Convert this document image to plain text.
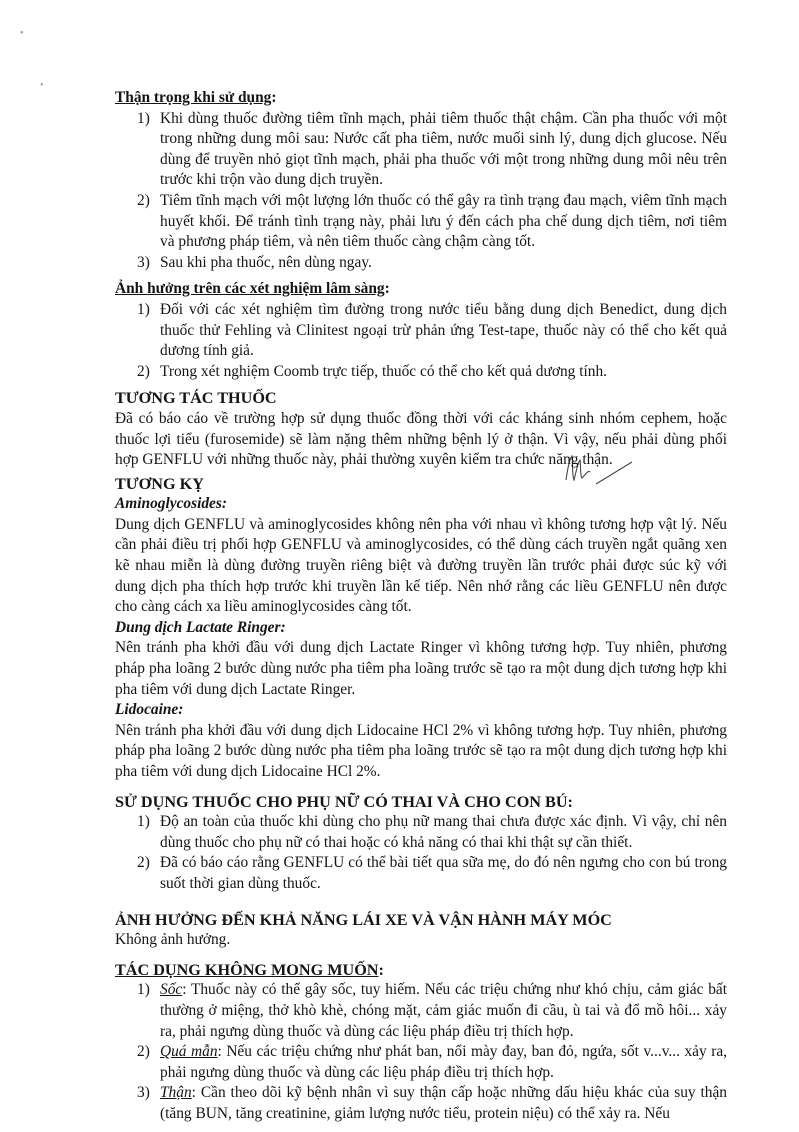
•
•

Thận trọng khi sử dụng:

1) Khi dùng thuốc đường tiêm tĩnh mạch, phải tiêm thuốc thật chậm. Cần pha thuốc với một trong những dung môi sau: Nước cất pha tiêm, nước muối sinh lý, dung dịch glucose. Nếu dùng để truyền nhỏ giọt tĩnh mạch, phải pha thuốc với một trong những dung môi nêu trên trước khi trộn vào dung dịch truyền.
2) Tiêm tĩnh mạch với một lượng lớn thuốc có thể gây ra tình trạng đau mạch, viêm tĩnh mạch huyết khối. Để tránh tình trạng này, phải lưu ý đến cách pha chế dung dịch tiêm, nơi tiêm và phương pháp tiêm, và nên tiêm thuốc càng chậm càng tốt.
3) Sau khi pha thuốc, nên dùng ngay.

Ảnh hưởng trên các xét nghiệm lâm sàng:

1) Đối với các xét nghiệm tìm đường trong nước tiểu bằng dung dịch Benedict, dung dịch thuốc thử Fehling và Clinitest ngoại trừ phản ứng Test-tape, thuốc này có thể cho kết quả dương tính giả.
2) Trong xét nghiệm Coomb trực tiếp, thuốc có thể cho kết quả dương tính.

TƯƠNG TÁC THUỐC

Đã có báo cáo về trường hợp sử dụng thuốc đồng thời với các kháng sinh nhóm cephem, hoặc thuốc lợi tiểu (furosemide) sẽ làm nặng thêm những bệnh lý ở thận. Vì vậy, nếu phải dùng phối hợp GENFLU với những thuốc này, phải thường xuyên kiểm tra chức năng thận.

TƯƠNG KỴ

Aminoglycosides:

Dung dịch GENFLU và aminoglycosides không nên pha với nhau vì không tương hợp vật lý. Nếu cần phải điều trị phối hợp GENFLU và aminoglycosides, có thể dùng cách truyền ngắt quãng xen kẽ nhau miễn là dùng đường truyền riêng biệt và đường truyền lần trước phải được súc kỹ với dung dịch pha thích hợp trước khi truyền lần kế tiếp. Nên nhớ rằng các liều GENFLU nên được cho càng cách xa liều aminoglycosides càng tốt.

Dung dịch Lactate Ringer:

Nên tránh pha khởi đầu với dung dịch Lactate Ringer vì không tương hợp. Tuy nhiên, phương pháp pha loãng 2 bước dùng nước pha tiêm pha loãng trước sẽ tạo ra một dung dịch tương hợp khi pha tiêm với dung dịch Lactate Ringer.

Lidocaine:

Nên tránh pha khởi đầu với dung dịch Lidocaine HCl 2% vì không tương hợp. Tuy nhiên, phương pháp pha loãng 2 bước dùng nước pha tiêm pha loãng trước sẽ tạo ra một dung dịch tương hợp khi pha tiêm với dung dịch Lidocaine HCl 2%.

SỬ DỤNG THUỐC CHO PHỤ NỮ CÓ THAI VÀ CHO CON BÚ:

1) Độ an toàn của thuốc khi dùng cho phụ nữ mang thai chưa được xác định. Vì vậy, chỉ nên dùng thuốc cho phụ nữ có thai hoặc có khả năng có thai khi thật sự cần thiết.
2) Đã có báo cáo rằng GENFLU có thể bài tiết qua sữa mẹ, do đó nên ngưng cho con bú trong suốt thời gian dùng thuốc.

ẢNH HƯỞNG ĐẾN KHẢ NĂNG LÁI XE VÀ VẬN HÀNH MÁY MÓC

Không ảnh hưởng.

TÁC DỤNG KHÔNG MONG MUỐN:

1) Sốc: Thuốc này có thể gây sốc, tuy hiếm. Nếu các triệu chứng như khó chịu, cảm giác bất thường ở miệng, thở khò khè, chóng mặt, cảm giác muốn đi cầu, ù tai và đổ mồ hôi... xảy ra, phải ngưng dùng thuốc và dùng các liệu pháp điều trị thích hợp.
2) Quá mẫn: Nếu các triệu chứng như phát ban, nổi mày đay, ban đỏ, ngứa, sốt v...v... xảy ra, phải ngưng dùng thuốc và dùng các liệu pháp điều trị thích hợp.
3) Thận: Cần theo dõi kỹ bệnh nhân vì suy thận cấp hoặc những dấu hiệu khác của suy thận (tăng BUN, tăng creatinine, giảm lượng nước tiểu, protein niệu) có thể xảy ra. Nếu
